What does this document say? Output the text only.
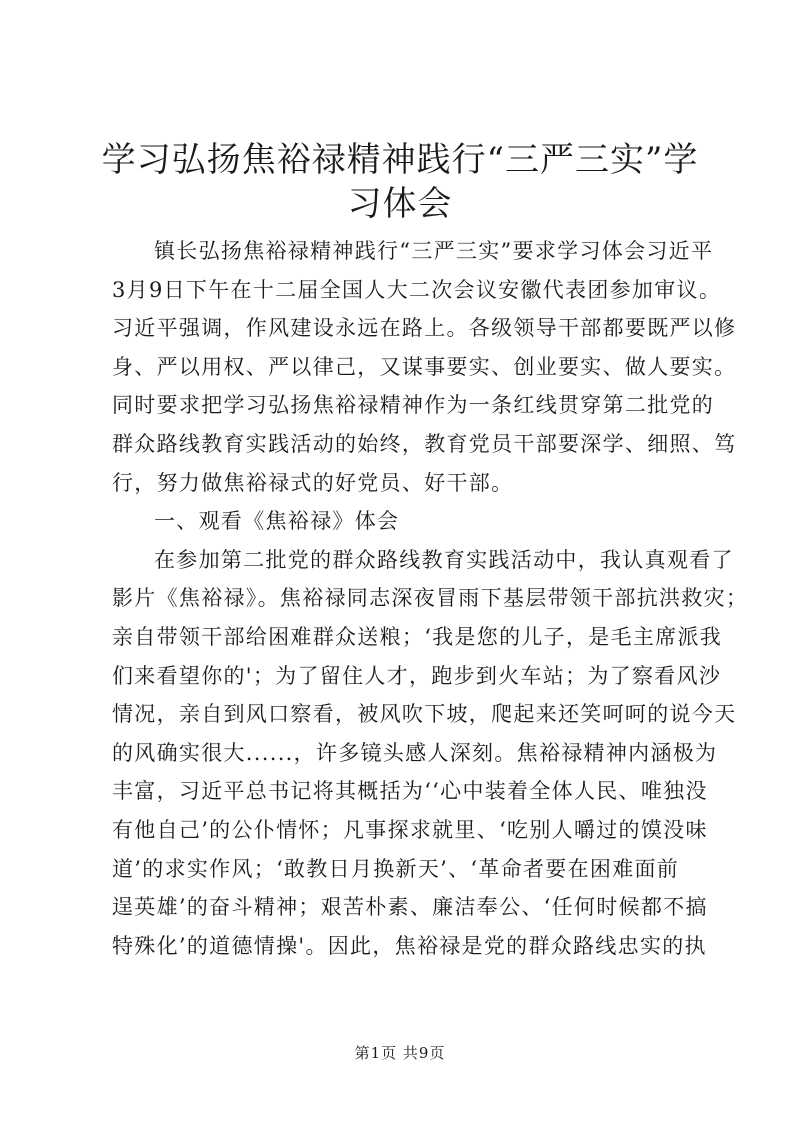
学习弘扬焦裕禄精神践行“三严三实”学习体会

镇长弘扬焦裕禄精神践行“三严三实”要求学习体会习近平

3月9日下午在十二届全国人大二次会议安徽代表团参加审议。

习近平强调，作风建设永远在路上。各级领导干部都要既严以修

身、严以用权、严以律己，又谋事要实、创业要实、做人要实。

同时要求把学习弘扬焦裕禄精神作为一条红线贯穿第二批党的

群众路线教育实践活动的始终，教育党员干部要深学、细照、笃

行，努力做焦裕禄式的好党员、好干部。

一、观看《焦裕禄》体会

在参加第二批党的群众路线教育实践活动中，我认真观看了

影片《焦裕禄》。焦裕禄同志深夜冒雨下基层带领干部抗洪救灾；

亲自带领干部给困难群众送粮；‘我是您的儿子，是毛主席派我

们来看望你的'；为了留住人才，跑步到火车站；为了察看风沙

情况，亲自到风口察看，被风吹下坡，爬起来还笑呵呵的说今天

的风确实很大......，许多镜头感人深刻。焦裕禄精神内涵极为

丰富，习近平总书记将其概括为‘‘心中装着全体人民、唯独没

有他自己’的公仆情怀；凡事探求就里、‘吃别人嚼过的馍没味

道’的求实作风；‘敢教日月换新天’、‘革命者要在困难面前

逞英雄’的奋斗精神；艰苦朴素、廉洁奉公、‘任何时候都不搞

特殊化’的道德情操'。因此，焦裕禄是党的群众路线忠实的执

第1页 共9页
